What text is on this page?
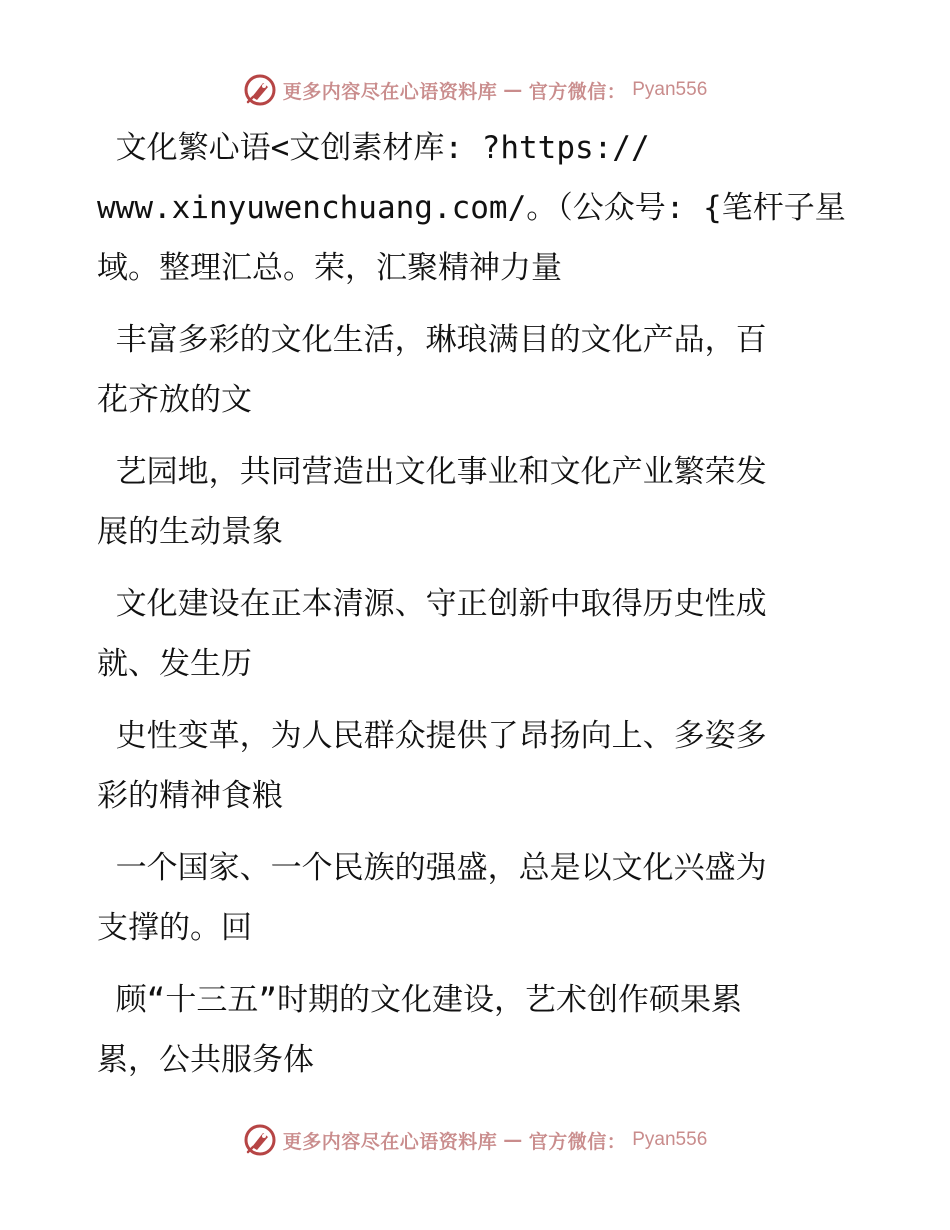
更多内容尽在心语资料库 — 官方微信： Pyan556

文化繁心语<文创素材库: ?https://
www.xinyuwenchuang.com/。（公众号: {笔杆子星
域。整理汇总。荣，汇聚精神力量

丰富多彩的文化生活，琳琅满目的文化产品，百
花齐放的文

艺园地，共同营造出文化事业和文化产业繁荣发
展的生动景象

文化建设在正本清源、守正创新中取得历史性成
就、发生历

史性变革，为人民群众提供了昂扬向上、多姿多
彩的精神食粮

一个国家、一个民族的强盛，总是以文化兴盛为
支撑的。回

顾“十三五”时期的文化建设，艺术创作硕果累
累，公共服务体

更多内容尽在心语资料库 — 官方微信： Pyan556
